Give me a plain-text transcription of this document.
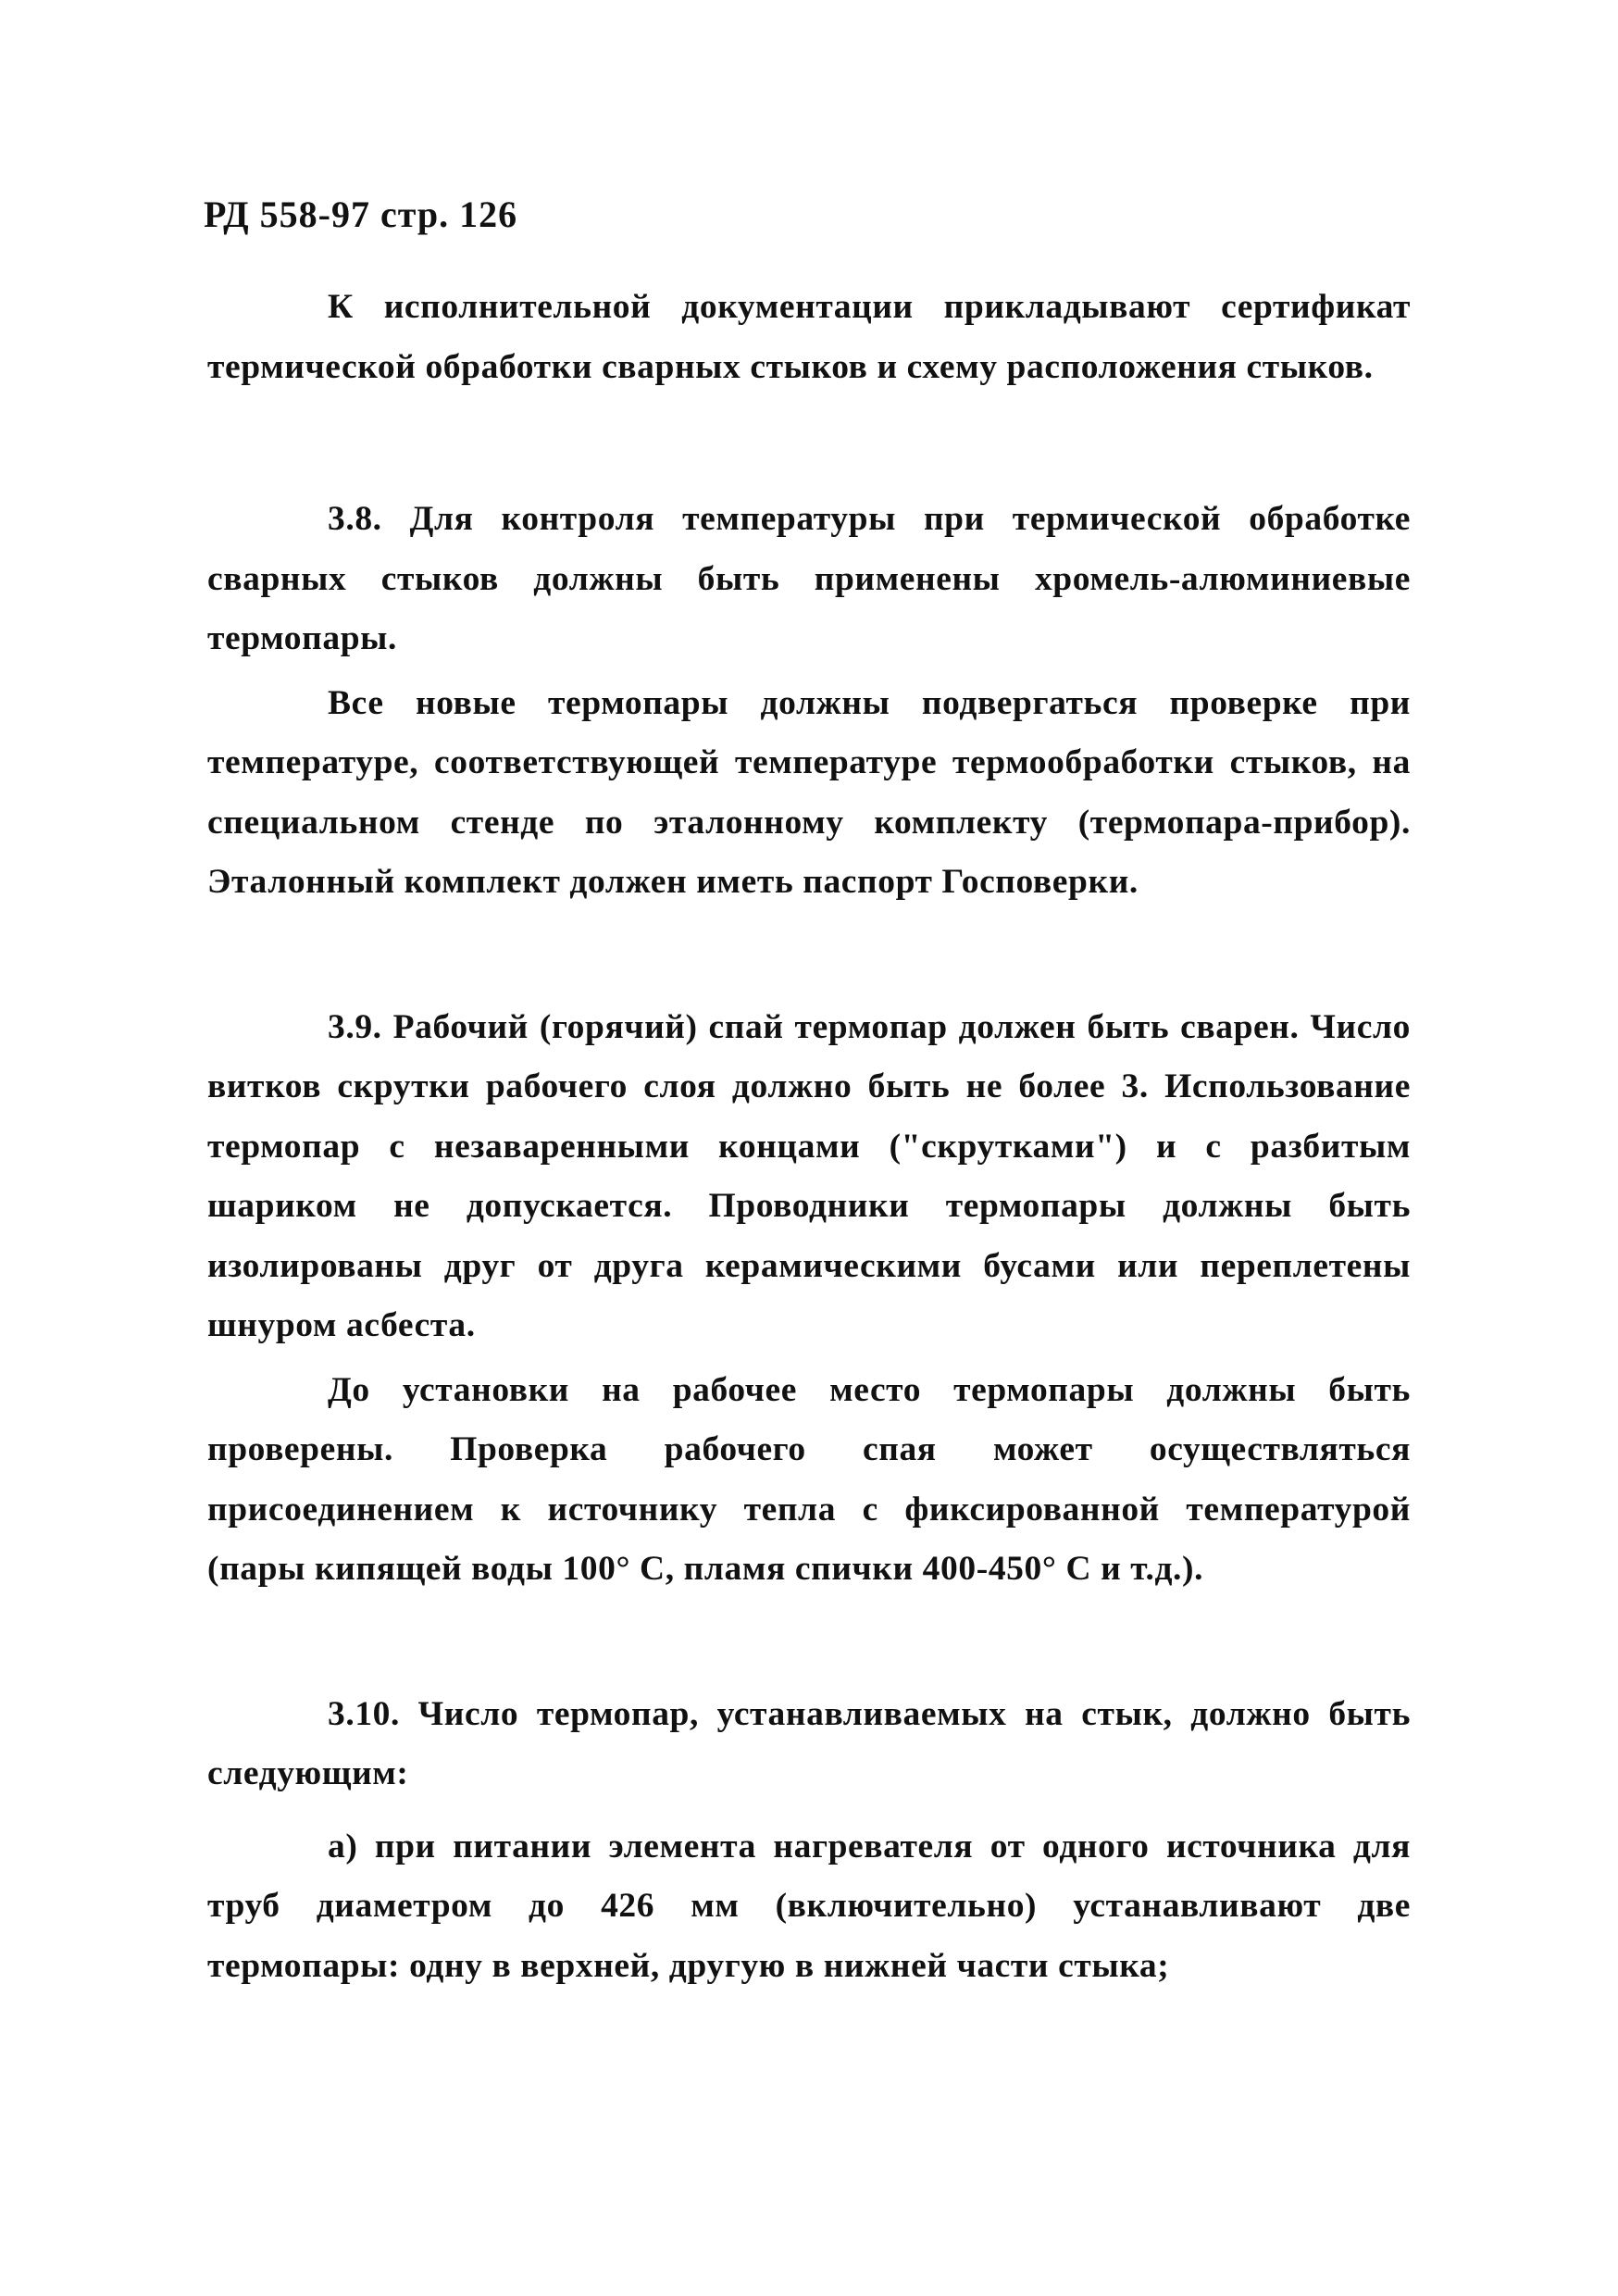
РД 558-97 стр. 126

К исполнительной документации прикладывают сертификат термической обработки сварных стыков и схему расположения стыков.

3.8. Для контроля температуры при термической обработке сварных стыков должны быть применены хромель-алюминиевые термопары.

Все новые термопары должны подвергаться проверке при температуре, соответствующей температуре термообработки стыков, на специальном стенде по эталонному комплекту (термопара-прибор). Эталонный комплект должен иметь паспорт Госповерки.

3.9. Рабочий (горячий) спай термопар должен быть сварен. Число витков скрутки рабочего слоя должно быть не более 3. Использование термопар с незаваренными концами ("скрутками") и с разбитым шариком не допускается. Проводники термопары должны быть изолированы друг от друга керамическими бусами или переплетены шнуром асбеста.

До установки на рабочее место термопары должны быть проверены. Проверка рабочего спая может осуществляться присоединением к источнику тепла с фиксированной температурой (пары кипящей воды 100° С, пламя спички 400-450° С и т.д.).

3.10. Число термопар, устанавливаемых на стык, должно быть следующим:

а) при питании элемента нагревателя от одного источника для труб диаметром до 426 мм (включительно) устанавливают две термопары: одну в верхней, другую в нижней части стыка;
